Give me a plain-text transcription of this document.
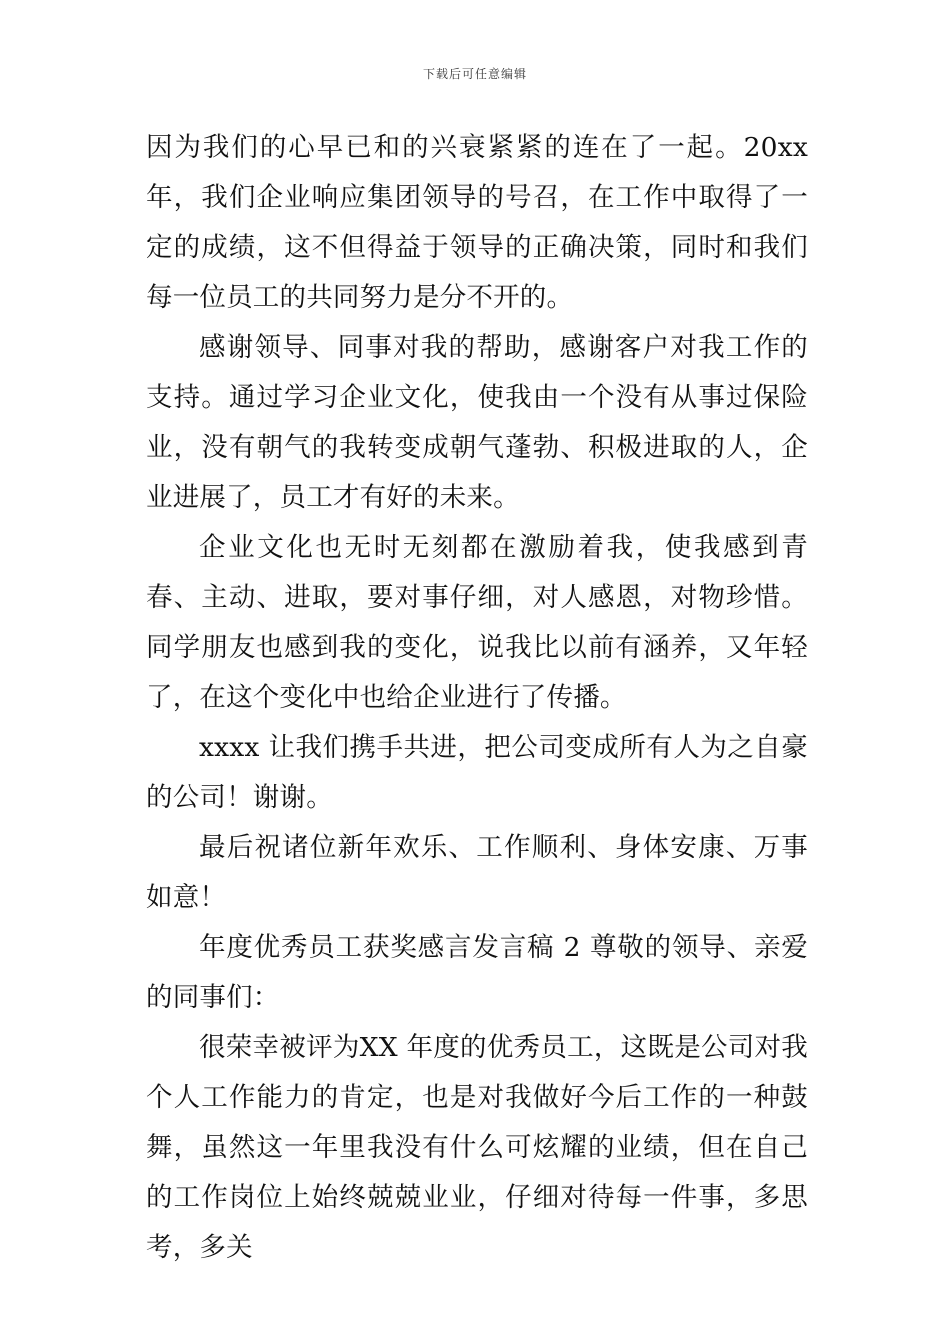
下载后可任意编辑

因为我们的心早已和的兴衰紧紧的连在了一起。20xx 年，我们企业响应集团领导的号召，在工作中取得了一定的成绩，这不但得益于领导的正确决策，同时和我们每一位员工的共同努力是分不开的。

感谢领导、同事对我的帮助，感谢客户对我工作的支持。通过学习企业文化，使我由一个没有从事过保险业，没有朝气的我转变成朝气蓬勃、积极进取的人，企业进展了，员工才有好的未来。

企业文化也无时无刻都在激励着我，使我感到青春、主动、进取，要对事仔细，对人感恩，对物珍惜。同学朋友也感到我的变化，说我比以前有涵养，又年轻了，在这个变化中也给企业进行了传播。

xxxx 让我们携手共进，把公司变成所有人为之自豪的公司！谢谢。

最后祝诸位新年欢乐、工作顺利、身体安康、万事如意！

年度优秀员工获奖感言发言稿 2 尊敬的领导、亲爱的同事们：

很荣幸被评为XX 年度的优秀员工，这既是公司对我个人工作能力的肯定，也是对我做好今后工作的一种鼓舞，虽然这一年里我没有什么可炫耀的业绩，但在自己的工作岗位上始终兢兢业业，仔细对待每一件事，多思考，多关
